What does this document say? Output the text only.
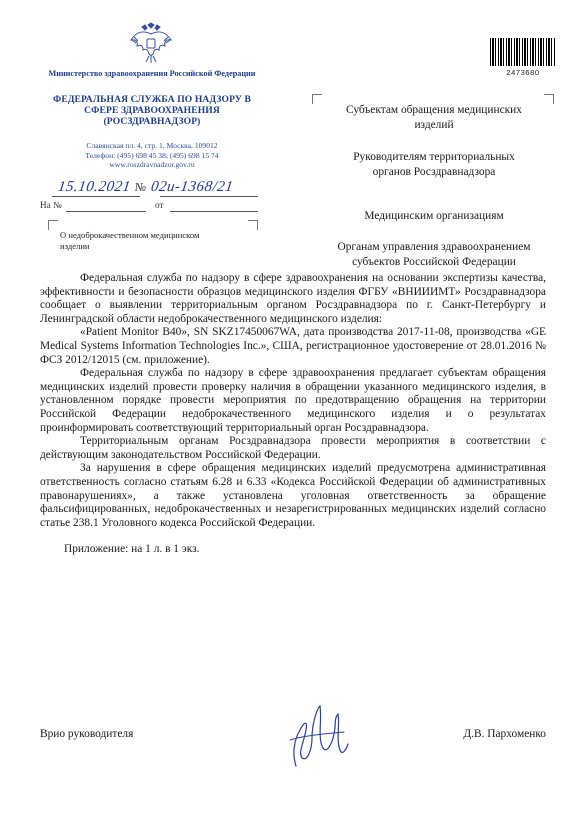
Министерство здравоохранения Российской Федерации
ФЕДЕРАЛЬНАЯ СЛУЖБА ПО НАДЗОРУ В СФЕРЕ ЗДРАВООХРАНЕНИЯ (РОСЗДРАВНАДЗОР)
Славянская пл. 4, стр. 1, Москва, 109012
Телефон: (495) 698 45 38; (495) 698 15 74
www.roszdravnadzor.gov.ru
15.10.2021 № 02и-1368/21
На №	от
О недоброкачественном медицинском изделии
2473680
Субъектам обращения медицинских изделий
Руководителям территориальных органов Росздравнадзора
Медицинским организациям
Органам управления здравоохранением субъектов Российской Федерации

Федеральная служба по надзору в сфере здравоохранения на основании экспертизы качества, эффективности и безопасности образцов медицинского изделия ФГБУ «ВНИИИМТ» Росздравнадзора сообщает о выявлении территориальным органом Росздравнадзора по г. Санкт-Петербургу и Ленинградской области недоброкачественного медицинского изделия:

«Patient Monitor B40», SN SKZ17450067WA, дата производства 2017-11-08, производства «GE Medical Systems Information Technologies Inc.», США, регистрационное удостоверение от 28.01.2016 № ФСЗ 2012/12015 (см. приложение).

Федеральная служба по надзору в сфере здравоохранения предлагает субъектам обращения медицинских изделий провести проверку наличия в обращении указанного медицинского изделия, в установленном порядке провести мероприятия по предотвращению обращения на территории Российской Федерации недоброкачественного медицинского изделия и о результатах проинформировать соответствующий территориальный орган Росздравнадзора.

Территориальным органам Росздравнадзора провести мероприятия в соответствии с действующим законодательством Российской Федерации.

За нарушения в сфере обращения медицинских изделий предусмотрена административная ответственность согласно статьям 6.28 и 6.33 «Кодекса Российской Федерации об административных правонарушениях», а также установлена уголовная ответственность за обращение фальсифицированных, недоброкачественных и незарегистрированных медицинских изделий согласно статье 238.1 Уголовного кодекса Российской Федерации.

Приложение: на 1 л. в 1 экз.

Врио руководителя	Д.В. Пархоменко
